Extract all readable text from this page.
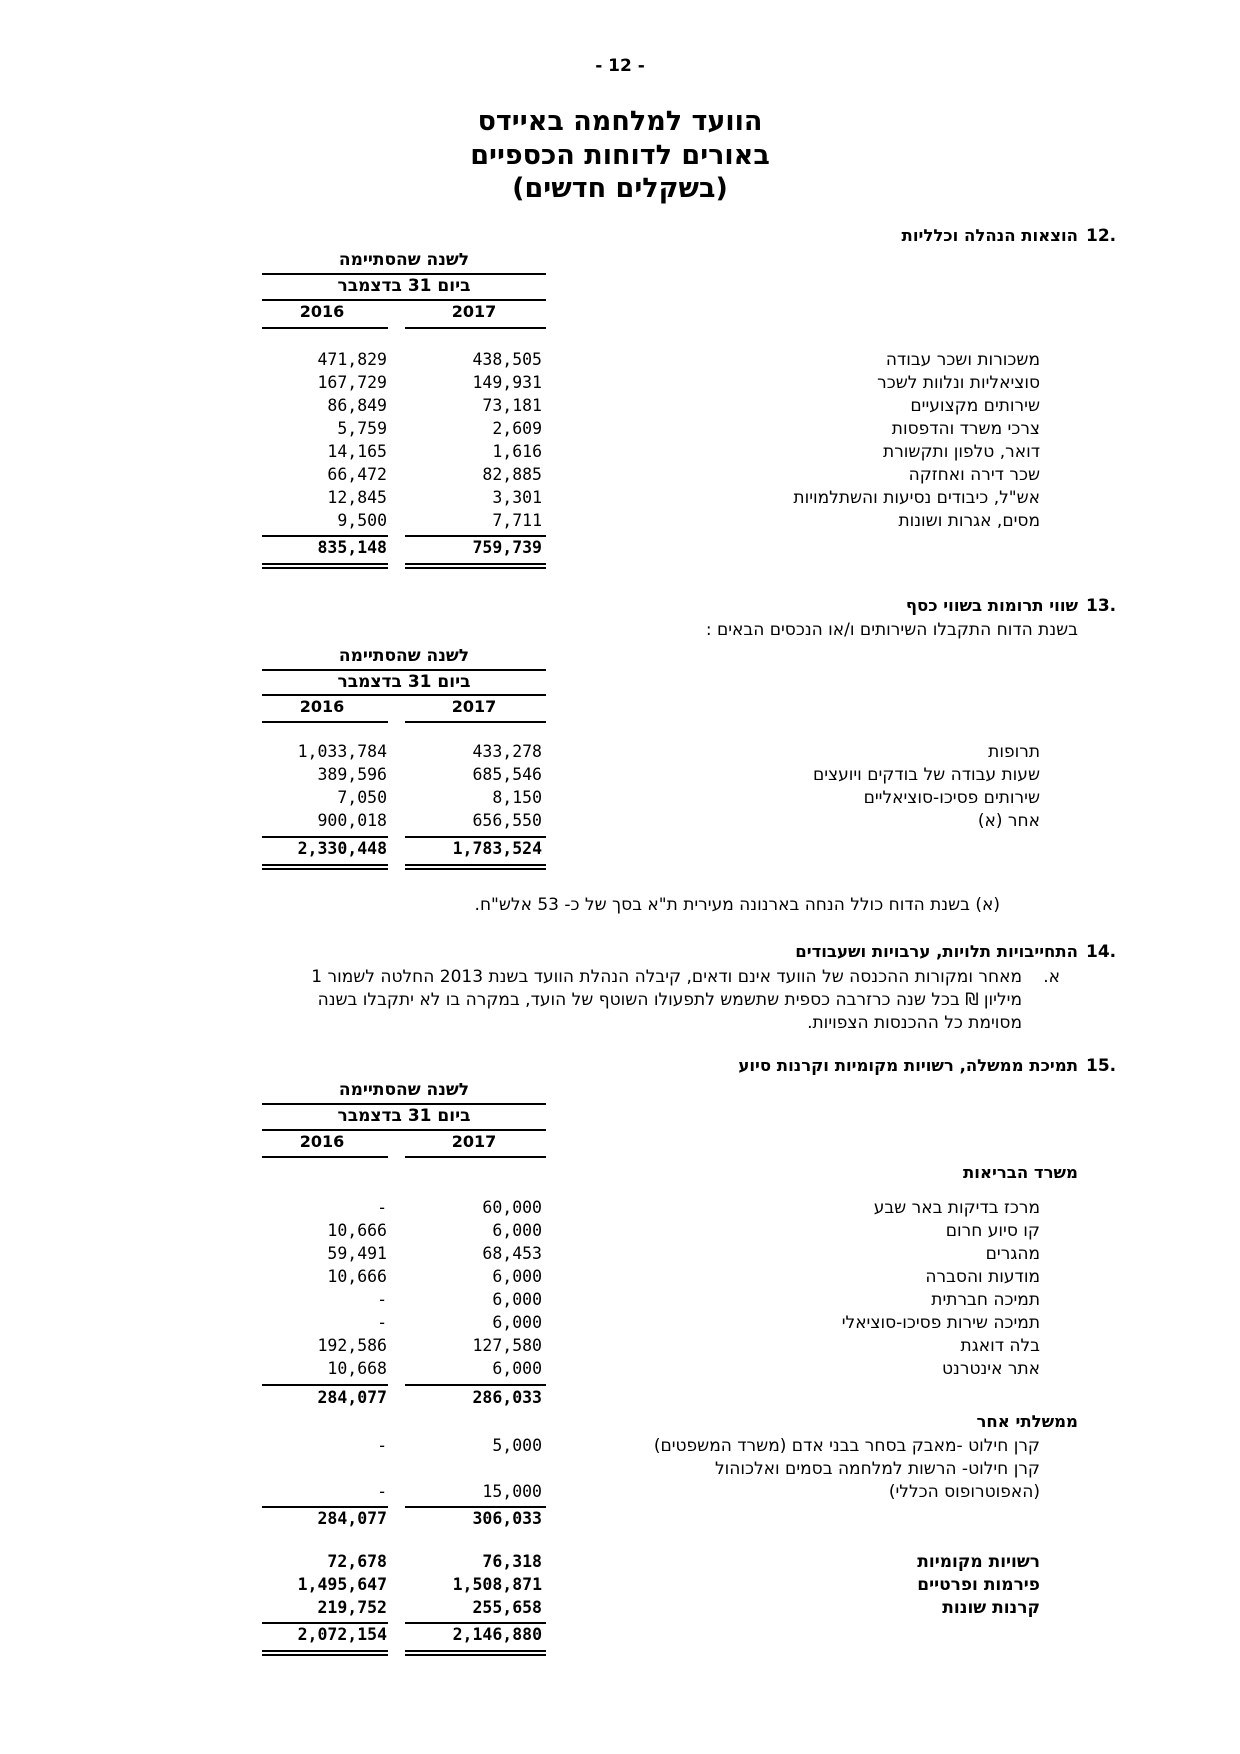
- 12 -
הוועד למלחמה באיידס
באורים לדוחות הכספיים
(בשקלים חדשים)
12.
הוצאות הנהלה וכלליות
לשנה שהסתיימה
ביום 31 בדצמבר
2017
2016
משכורות ושכר עבודה
438,505
471,829
סוציאליות ונלוות לשכר
149,931
167,729
שירותים מקצועיים
73,181
86,849
צרכי משרד והדפסות
2,609
5,759
דואר, טלפון ותקשורת
1,616
14,165
שכר דירה ואחזקה
82,885
66,472
אש"ל, כיבודים נסיעות והשתלמויות
3,301
12,845
מסים, אגרות ושונות
7,711
9,500
759,739
835,148
13.
שווי תרומות בשווי כסף
בשנת הדוח התקבלו השירותים ו/או הנכסים הבאים :
לשנה שהסתיימה
ביום 31 בדצמבר
2017
2016
תרופות
433,278
1,033,784
שעות עבודה של בודקים ויועצים
685,546
389,596
שירותים פסיכו-סוציאליים
8,150
7,050
אחר (א)
656,550
900,018
1,783,524
2,330,448
(א) בשנת הדוח כולל הנחה בארנונה מעירית ת"א בסך של כ- 53 אלש"ח.
14.
התחייבויות תלויות, ערבויות ושעבודים
א.
מאחר ומקורות ההכנסה של הוועד אינם ודאים, קיבלה הנהלת הוועד בשנת 2013 החלטה לשמור 1
מיליון ₪ בכל שנה כרזרבה כספית שתשמש לתפעולו השוטף של הועד, במקרה בו לא יתקבלו בשנה
מסוימת כל ההכנסות הצפויות.
15.
תמיכת ממשלה, רשויות מקומיות וקרנות סיוע
לשנה שהסתיימה
ביום 31 בדצמבר
2017
2016
משרד הבריאות
מרכז בדיקות באר שבע
60,000
-
קו סיוע חרום
6,000
10,666
מהגרים
68,453
59,491
מודעות והסברה
6,000
10,666
תמיכה חברתית
6,000
-
תמיכה שירות פסיכו-סוציאלי
6,000
-
בלה דואגת
127,580
192,586
אתר אינטרנט
6,000
10,668
286,033
284,077
ממשלתי אחר
קרן חילוט -מאבק בסחר בבני אדם (משרד המשפטים)
5,000
-
קרן חילוט- הרשות למלחמה בסמים ואלכוהול
(האפוטרופוס הכללי)
15,000
-
306,033
284,077
רשויות מקומיות
76,318
72,678
פירמות ופרטיים
1,508,871
1,495,647
קרנות שונות
255,658
219,752
2,146,880
2,072,154
